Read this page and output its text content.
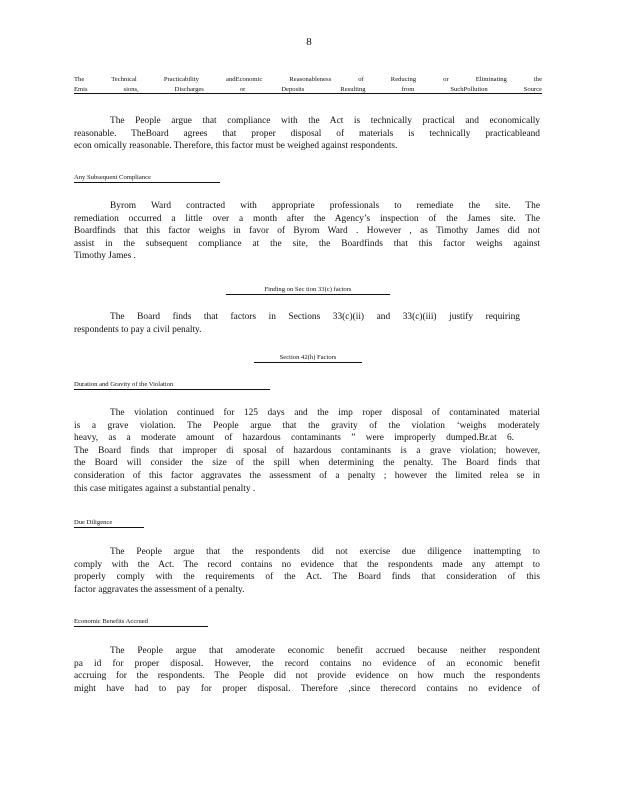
8
The Technical Practicability andEconomic Reasonableness of Reducing or Eliminating the
Emis sions, Discharges or Deposits Resulting from SuchPollution Source
The People argue that compliance with the Act is technically practical and economically
reasonable. TheBoard agrees that proper disposal of materials is technically practicableand
econ omically reasonable. Therefore, this factor must be weighed against respondents.
Any Subsequent Compliance
Byrom Ward contracted with appropriate professionals to remediate the site. The
remediation occurred a little over a month after the Agency’s inspection of the James site. The
Boardfinds that this factor weighs in favor of Byrom Ward . However , as Timothy James did not
assist in the subsequent compliance at the site, the Boardfinds that this factor weighs against
Timothy James .
Finding on Sec tion 33(c) factors
The Board finds that factors in Sections 33(c)(ii) and 33(c)(iii) justify requiring
respondents to pay a civil penalty.
Section 42(h) Factors
Duration and Gravity of the Violation
The violation continued for 125 days and the imp roper disposal of contaminated material
is a grave violation. The People argue that the gravity of the violation ‘weighs moderately
heavy, as a moderate amount of hazardous contaminants ” were improperly dumped.Br.at 6.
The Board finds that improper di sposal of hazardous contaminants is a grave violation; however,
the Board will consider the size of the spill when determining the penalty. The Board finds that
consideration of this factor aggravates the assessment of a penalty ; however the limited relea se in
this case mitigates against a substantial penalty .
Due Diligence
The People argue that the respondents did not exercise due diligence inattempting to
comply with the Act. The record contains no evidence that the respondents made any attempt to
properly comply with the requirements of the Act. The Board finds that consideration of this
factor aggravates the assessment of a penalty.
Economic Benefits Accrued
The People argue that amoderate economic benefit accrued because neither respondent
pa id for proper disposal. However, the record contains no evidence of an economic benefit
accruing for the respondents. The People did not provide evidence on how much the respondents
might have had to pay for proper disposal. Therefore ,since therecord contains no evidence of
